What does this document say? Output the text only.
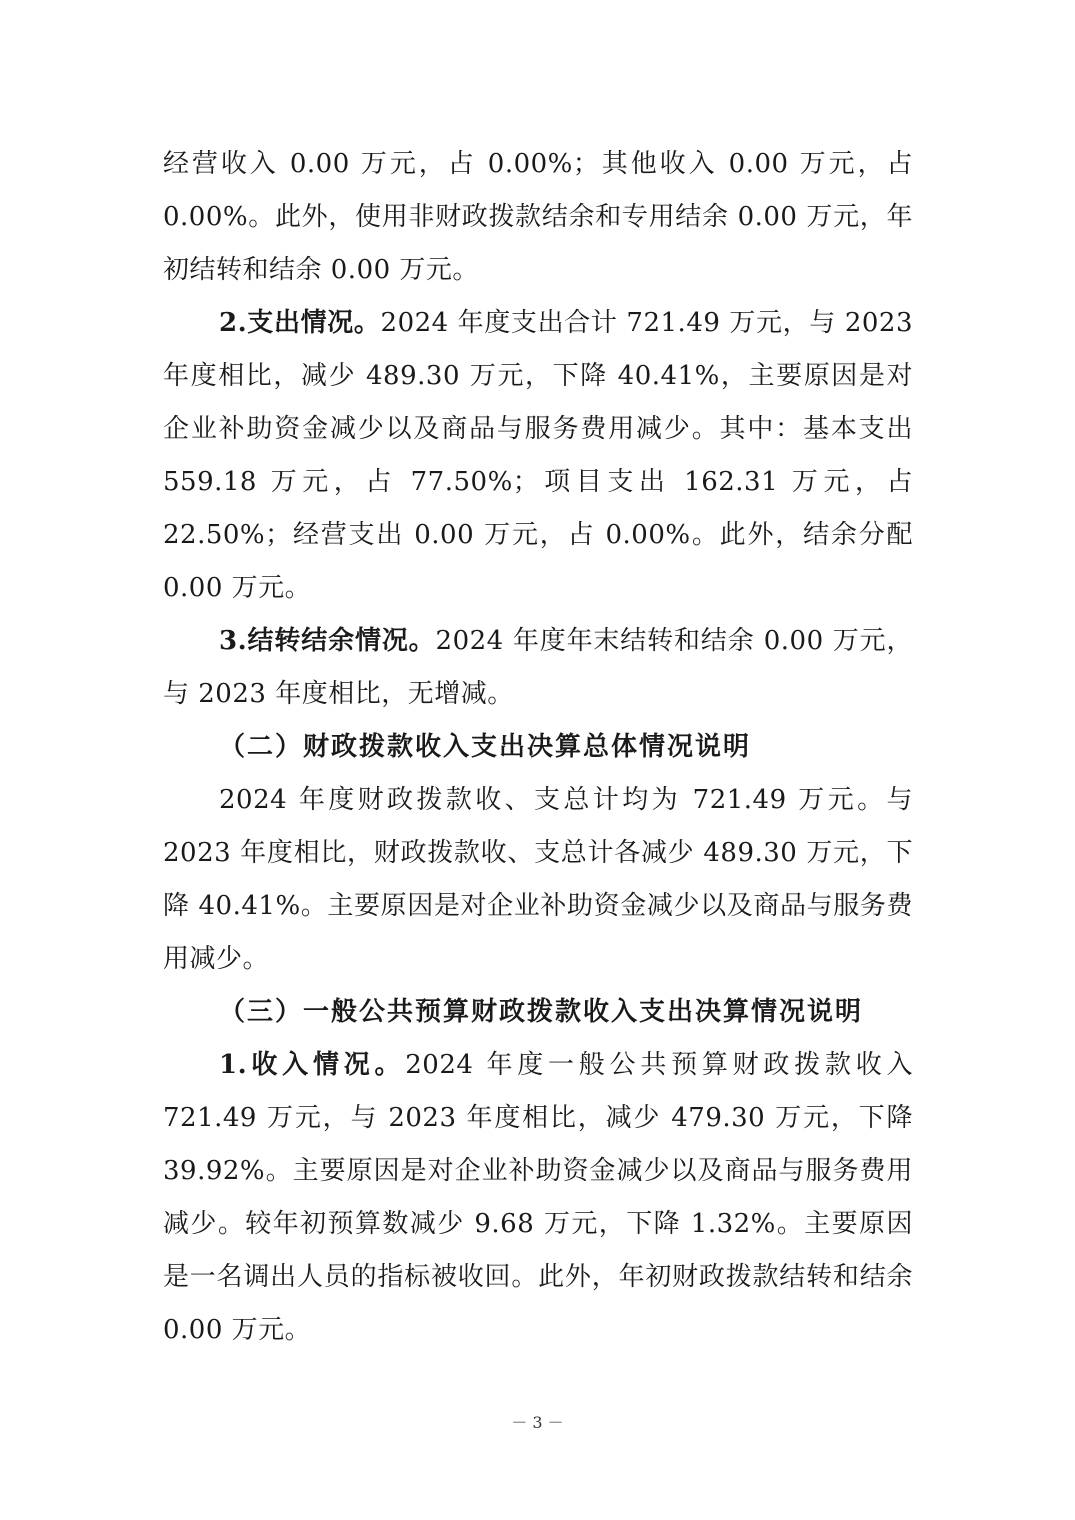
经营收入 0.00 万元，占 0.00%；其他收入 0.00 万元，占 0.00%。此外，使用非财政拨款结余和专用结余 0.00 万元，年初结转和结余 0.00 万元。

2.支出情况。2024 年度支出合计 721.49 万元，与 2023 年度相比，减少 489.30 万元，下降 40.41%，主要原因是对企业补助资金减少以及商品与服务费用减少。其中：基本支出 559.18 万元，占 77.50%；项目支出 162.31 万元，占 22.50%；经营支出 0.00 万元，占 0.00%。此外，结余分配 0.00 万元。

3.结转结余情况。2024 年度年末结转和结余 0.00 万元，与 2023 年度相比，无增减。

（二）财政拨款收入支出决算总体情况说明

2024 年度财政拨款收、支总计均为 721.49 万元。与 2023 年度相比，财政拨款收、支总计各减少 489.30 万元，下降 40.41%。主要原因是对企业补助资金减少以及商品与服务费用减少。

（三）一般公共预算财政拨款收入支出决算情况说明

1.收入情况。2024 年度一般公共预算财政拨款收入 721.49 万元，与 2023 年度相比，减少 479.30 万元，下降 39.92%。主要原因是对企业补助资金减少以及商品与服务费用减少。较年初预算数减少 9.68 万元，下降 1.32%。主要原因是一名调出人员的指标被收回。此外，年初财政拨款结转和结余 0.00 万元。

－ 3 －
